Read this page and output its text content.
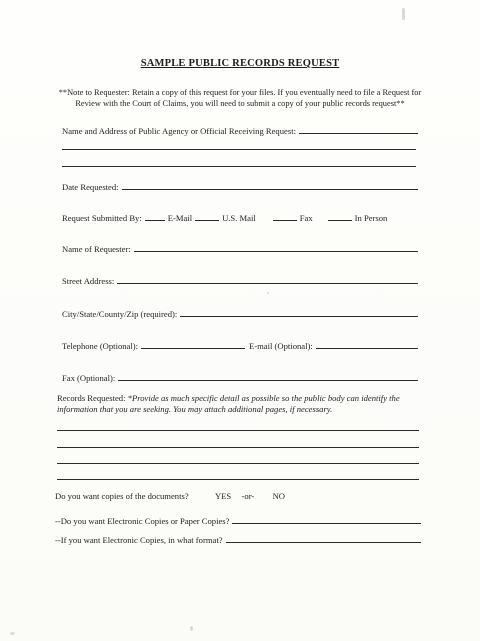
SAMPLE PUBLIC RECORDS REQUEST
**Note to Requester: Retain a copy of this request for your files. If you eventually need to file a Request for Review with the Court of Claims, you will need to submit a copy of your public records request**
Name and Address of Public Agency or Official Receiving Request:
Date Requested:
Request Submitted By:	E-Mail	U.S. Mail	Fax	In Person
Name of Requester:
Street Address:
City/State/County/Zip (required):
Telephone (Optional):	E-mail (Optional):
Fax (Optional):
Records Requested: *Provide as much specific detail as possible so the public body can identify the information that you are seeking. You may attach additional pages, if necessary.
Do you want copies of the documents?	YES -or- NO
--Do you want Electronic Copies or Paper Copies?
--If you want Electronic Copies, in what format?
